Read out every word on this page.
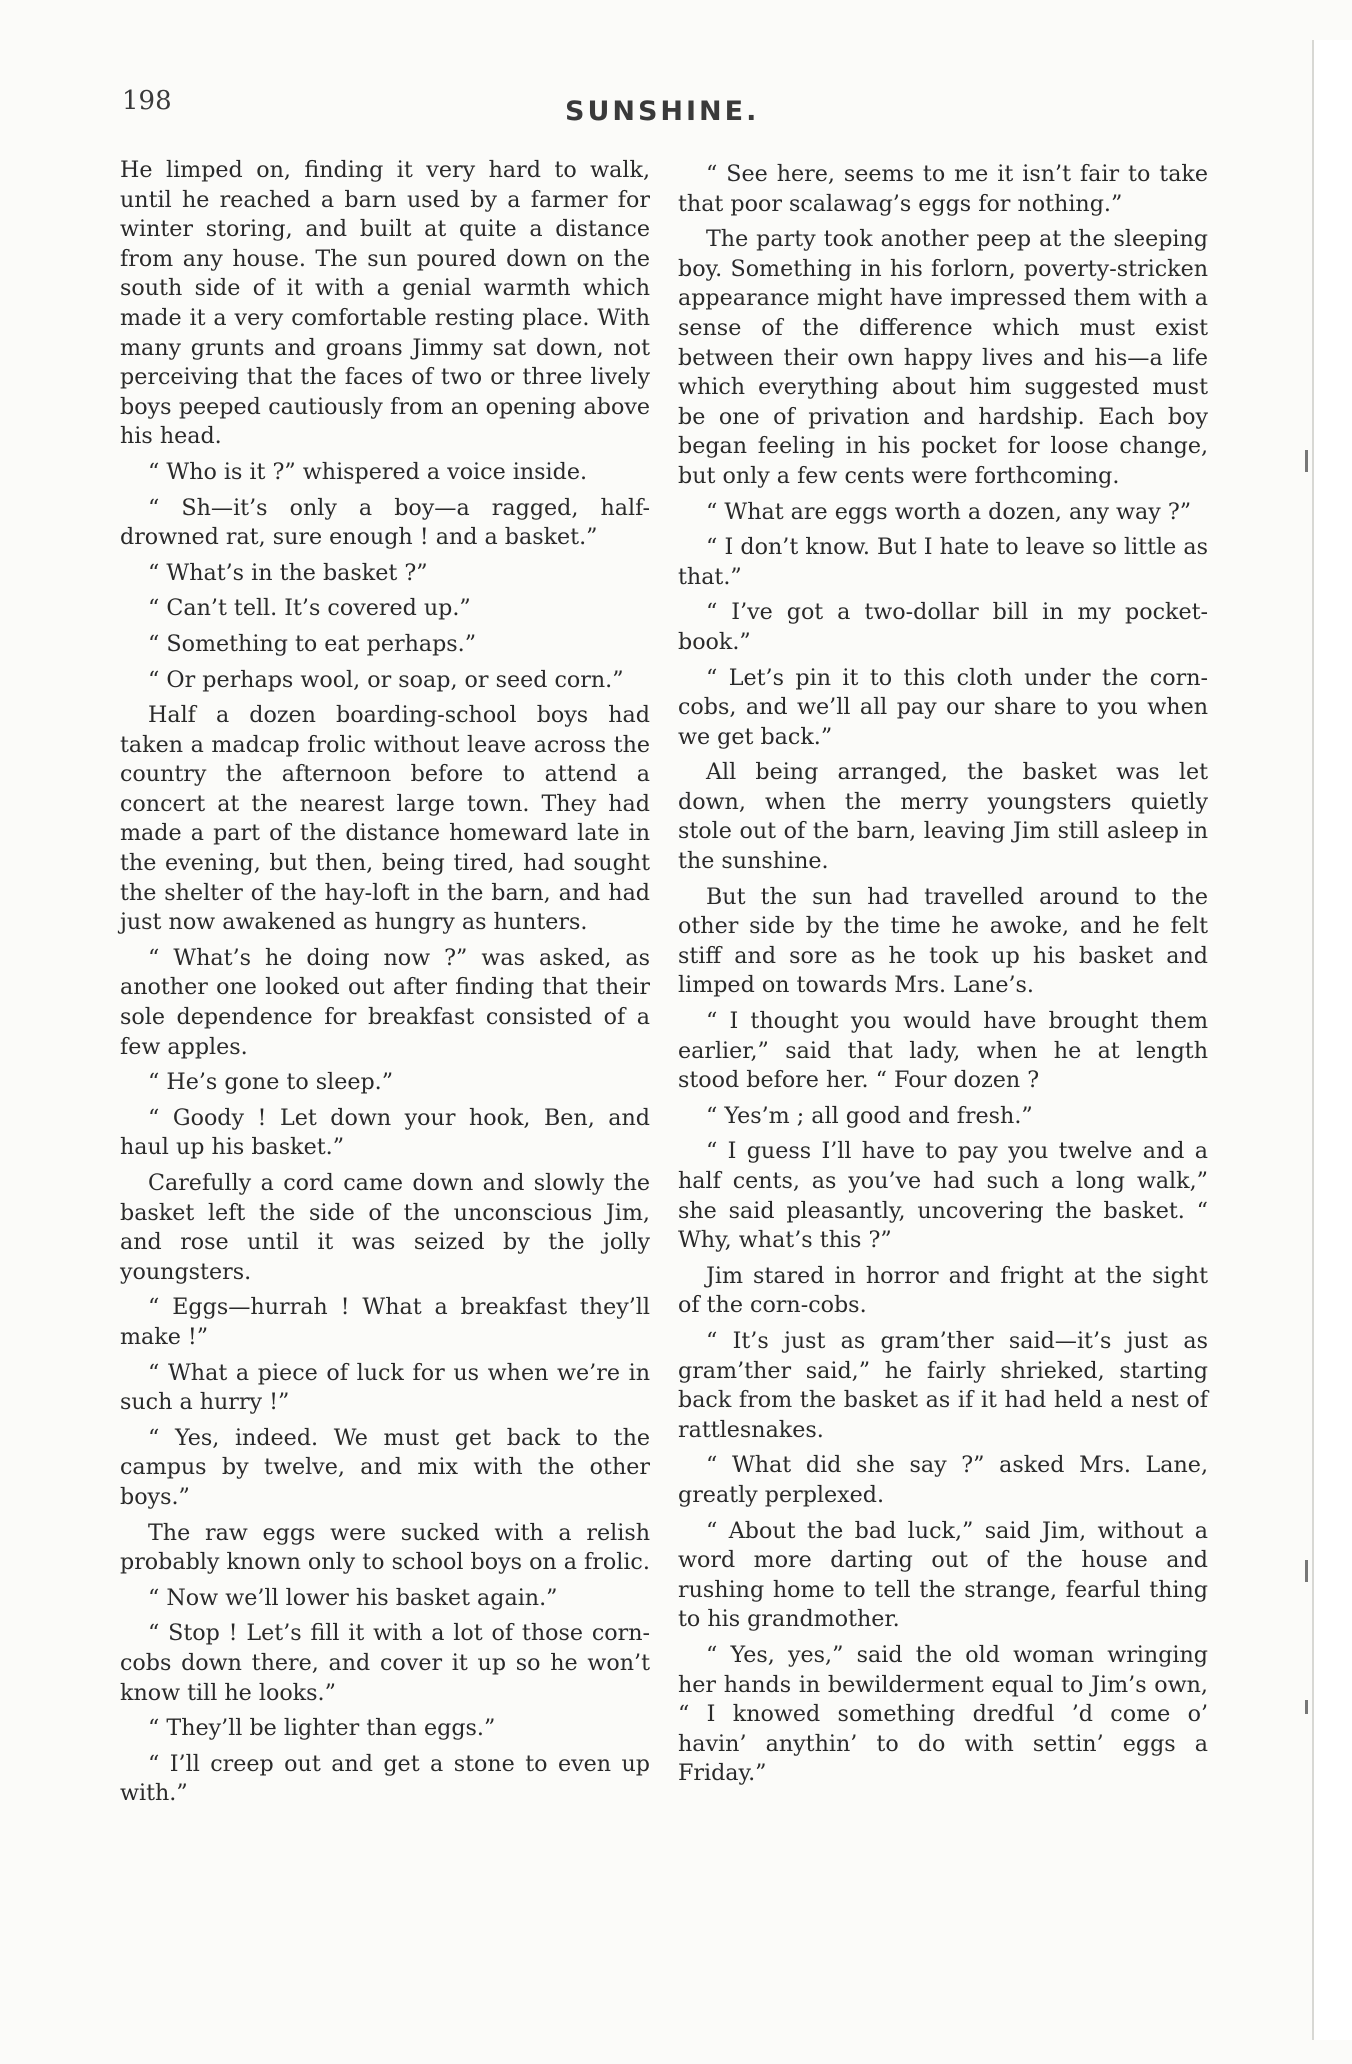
198	SUNSHINE.

He limped on, finding it very hard to walk, until he reached a barn used by a farmer for winter storing, and built at quite a distance from any house. The sun poured down on the south side of it with a genial warmth which made it a very comfortable resting place. With many grunts and groans Jimmy sat down, not perceiving that the faces of two or three lively boys peeped cautiously from an opening above his head.

“ Who is it ?” whispered a voice inside.

“ Sh—it’s only a boy—a ragged, half-drowned rat, sure enough ! and a basket.”

“ What’s in the basket ?”

“ Can’t tell. It’s covered up.”

“ Something to eat perhaps.”

“ Or perhaps wool, or soap, or seed corn.”

Half a dozen boarding-school boys had taken a madcap frolic without leave across the country the afternoon before to attend a concert at the nearest large town. They had made a part of the distance homeward late in the evening, but then, being tired, had sought the shelter of the hay-loft in the barn, and had just now awakened as hungry as hunters.

“ What’s he doing now ?” was asked, as another one looked out after finding that their sole dependence for breakfast consisted of a few apples.

“ He’s gone to sleep.”

“ Goody ! Let down your hook, Ben, and haul up his basket.”

Carefully a cord came down and slowly the basket left the side of the unconscious Jim, and rose until it was seized by the jolly youngsters.

“ Eggs—hurrah ! What a breakfast they’ll make !”

“ What a piece of luck for us when we’re in such a hurry !”

“ Yes, indeed. We must get back to the campus by twelve, and mix with the other boys.”

The raw eggs were sucked with a relish probably known only to school boys on a frolic.

“ Now we’ll lower his basket again.”

“ Stop ! Let’s fill it with a lot of those corn-cobs down there, and cover it up so he won’t know till he looks.”

“ They’ll be lighter than eggs.”

“ I’ll creep out and get a stone to even up with.”

“ See here, seems to me it isn’t fair to take that poor scalawag’s eggs for nothing.”

The party took another peep at the sleeping boy. Something in his forlorn, poverty-stricken appearance might have impressed them with a sense of the difference which must exist between their own happy lives and his—a life which everything about him suggested must be one of privation and hardship. Each boy began feeling in his pocket for loose change, but only a few cents were forthcoming.

“ What are eggs worth a dozen, any way ?”

“ I don’t know. But I hate to leave so little as that.”

“ I’ve got a two-dollar bill in my pocket-book.”

“ Let’s pin it to this cloth under the corn-cobs, and we’ll all pay our share to you when we get back.”

All being arranged, the basket was let down, when the merry youngsters quietly stole out of the barn, leaving Jim still asleep in the sunshine.

But the sun had travelled around to the other side by the time he awoke, and he felt stiff and sore as he took up his basket and limped on towards Mrs. Lane’s.

“ I thought you would have brought them earlier,” said that lady, when he at length stood before her. “ Four dozen ?

“ Yes’m ; all good and fresh.”

“ I guess I’ll have to pay you twelve and a half cents, as you’ve had such a long walk,” she said pleasantly, uncovering the basket. “ Why, what’s this ?”

Jim stared in horror and fright at the sight of the corn-cobs.

“ It’s just as gram’ther said—it’s just as gram’ther said,” he fairly shrieked, starting back from the basket as if it had held a nest of rattlesnakes.

“ What did she say ?” asked Mrs. Lane, greatly perplexed.

“ About the bad luck,” said Jim, without a word more darting out of the house and rushing home to tell the strange, fearful thing to his grandmother.

“ Yes, yes,” said the old woman wringing her hands in bewilderment equal to Jim’s own, “ I knowed something dredful ’d come o’ havin’ anythin’ to do with settin’ eggs a Friday.”
